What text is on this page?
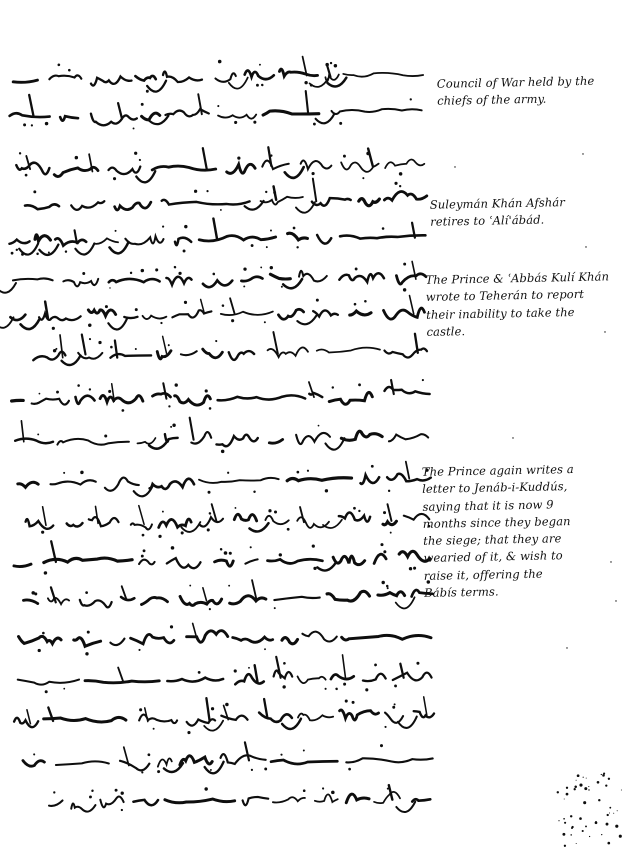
Council of War held by the
chiefs of the army.
Suleymán Khán Afshár
retires to ʿAlí'ábád.
The Prince & ʿAbbás Kulí Khán
wrote to Teherán to report
their inability to take the
castle.
The Prince again writes a
letter to Jenáb-i-Kuddús,
saying that it is now 9
months since they began
the siege; that they are
wearied of it, & wish to
raise it, offering the
Bábís terms.
